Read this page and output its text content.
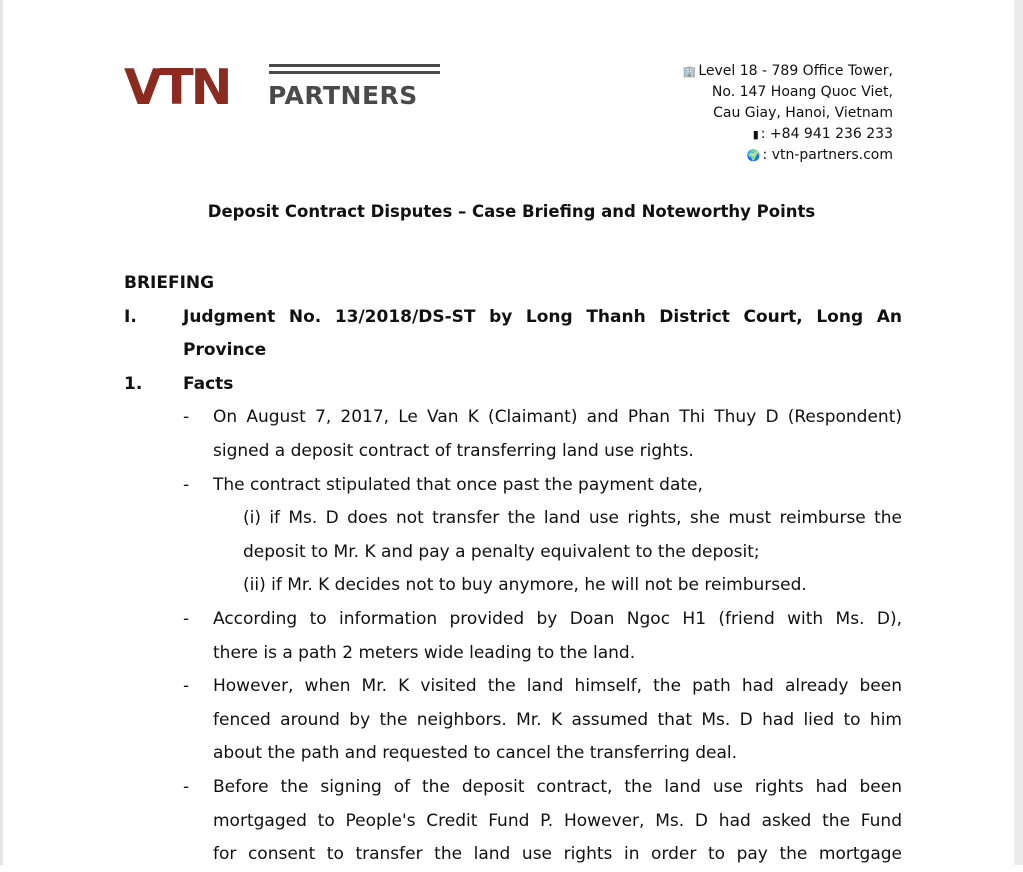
VTN PARTNERS
🏢 Level 18 - 789 Office Tower,
No. 147 Hoang Quoc Viet,
Cau Giay, Hanoi, Vietnam
▮ : +84 941 236 233
🌍 : vtn-partners.com
Deposit Contract Disputes – Case Briefing and Noteworthy Points
BRIEFING
I.	Judgment No. 13/2018/DS-ST by Long Thanh District Court, Long An
Province
1. Facts
- On August 7, 2017, Le Van K (Claimant) and Phan Thi Thuy D (Respondent)
signed a deposit contract of transferring land use rights.
- The contract stipulated that once past the payment date,
(i) if Ms. D does not transfer the land use rights, she must reimburse the
deposit to Mr. K and pay a penalty equivalent to the deposit;
(ii) if Mr. K decides not to buy anymore, he will not be reimbursed.
- According to information provided by Doan Ngoc H1 (friend with Ms. D),
there is a path 2 meters wide leading to the land.
- However, when Mr. K visited the land himself, the path had already been
fenced around by the neighbors. Mr. K assumed that Ms. D had lied to him
about the path and requested to cancel the transferring deal.
- Before the signing of the deposit contract, the land use rights had been
mortgaged to People's Credit Fund P. However, Ms. D had asked the Fund
for consent to transfer the land use rights in order to pay the mortgage
